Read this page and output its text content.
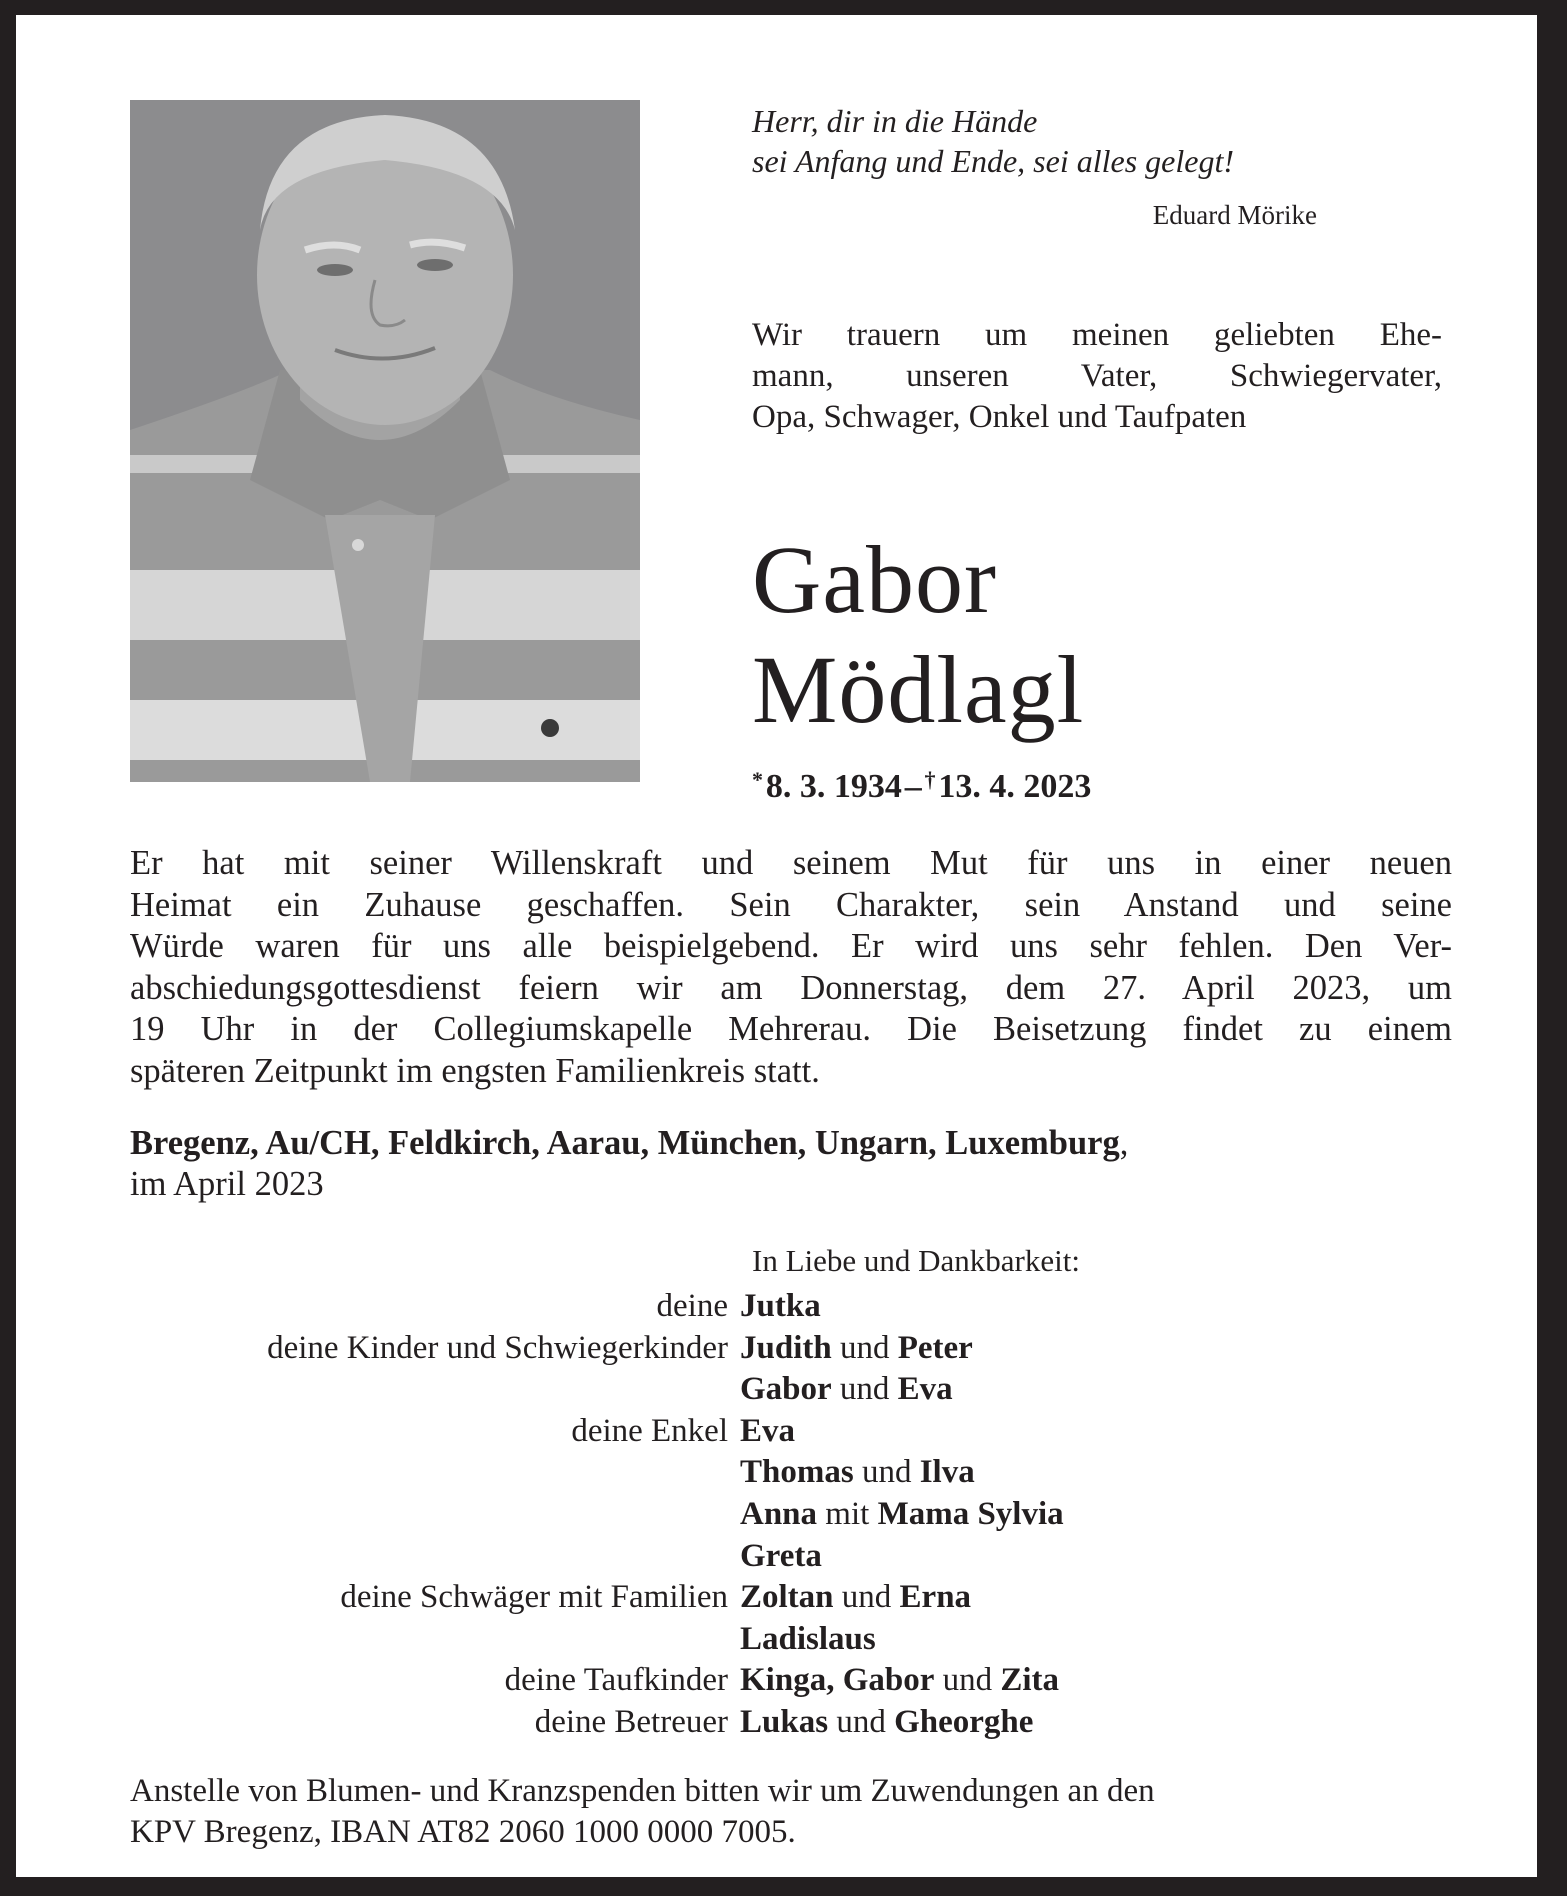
Herr, dir in die Hände
sei Anfang und Ende, sei alles gelegt!
Eduard Mörike
Wir trauern um meinen geliebten Ehe-
mann, unseren Vater, Schwiegervater,
Opa, Schwager, Onkel und Taufpaten
Gabor
Mödlagl
* 8. 3. 1934 –  † 13. 4. 2023
Er hat mit seiner Willenskraft und seinem Mut für uns in einer neuen
Heimat ein Zuhause geschaffen. Sein Charakter, sein Anstand und seine
Würde waren für uns alle beispielgebend. Er wird uns sehr fehlen. Den Ver-
abschiedungsgottesdienst feiern wir am Donnerstag, dem 27. April 2023, um
19 Uhr in der Collegiumskapelle Mehrerau. Die Beisetzung findet zu einem
späteren Zeitpunkt im engsten Familienkreis statt.
Bregenz, Au/CH, Feldkirch, Aarau, München, Ungarn, Luxemburg,
im April 2023
In Liebe und Dankbarkeit:
deine Jutka
deine Kinder und Schwiegerkinder Judith und Peter
Gabor und Eva
deine Enkel Eva
Thomas und Ilva
Anna mit Mama Sylvia
Greta
deine Schwäger mit Familien Zoltan und Erna
Ladislaus
deine Taufkinder Kinga, Gabor und Zita
deine Betreuer Lukas und Gheorghe
Anstelle von Blumen- und Kranzspenden bitten wir um Zuwendungen an den
KPV Bregenz, IBAN AT82 2060 1000 0000 7005.
